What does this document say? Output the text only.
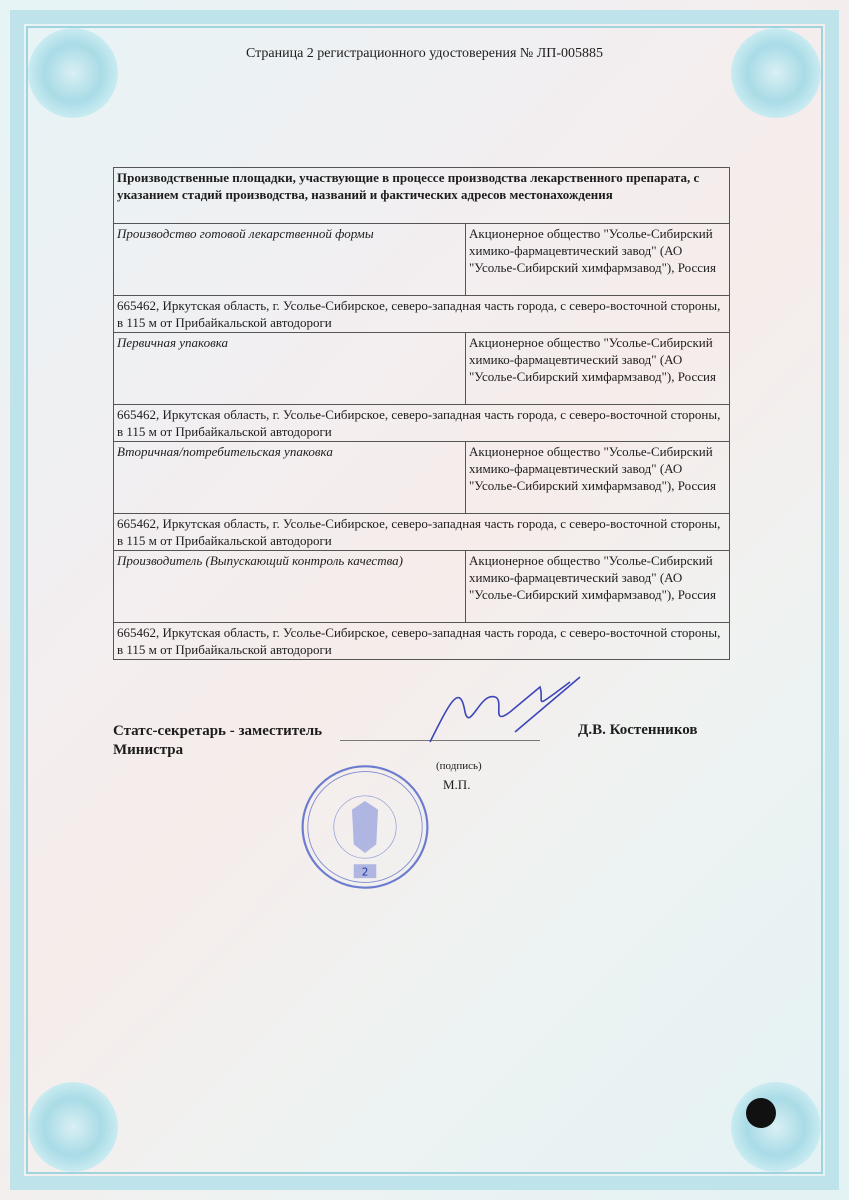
Страница 2 регистрационного удостоверения № ЛП-005885
Производственные площадки, участвующие в процессе производства лекарственного препарата, с указанием стадий производства, названий и фактических адресов местонахождения	
Производство готовой лекарственной формы	Акционерное общество "Усолье-Сибирский химико-фармацевтический завод" (АО "Усолье-Сибирский химфармзавод"), Россия
665462, Иркутская область, г. Усолье-Сибирское, северо-западная часть города, с северо-восточной стороны, в 115 м от Прибайкальской автодороги	
Первичная упаковка	Акционерное общество "Усолье-Сибирский химико-фармацевтический завод" (АО "Усолье-Сибирский химфармзавод"), Россия
665462, Иркутская область, г. Усолье-Сибирское, северо-западная часть города, с северо-восточной стороны, в 115 м от Прибайкальской автодороги	
Вторичная/потребительская упаковка	Акционерное общество "Усолье-Сибирский химико-фармацевтический завод" (АО "Усолье-Сибирский химфармзавод"), Россия
665462, Иркутская область, г. Усолье-Сибирское, северо-западная часть города, с северо-восточной стороны, в 115 м от Прибайкальской автодороги	
Производитель (Выпускающий контроль качества)	Акционерное общество "Усолье-Сибирский химико-фармацевтический завод" (АО "Усолье-Сибирский химфармзавод"), Россия
665462, Иркутская область, г. Усолье-Сибирское, северо-западная часть города, с северо-восточной стороны, в 115 м от Прибайкальской автодороги	
Статс-секретарь - заместитель
Министра
(подпись)
М.П.
Д.В. Костенников
2
